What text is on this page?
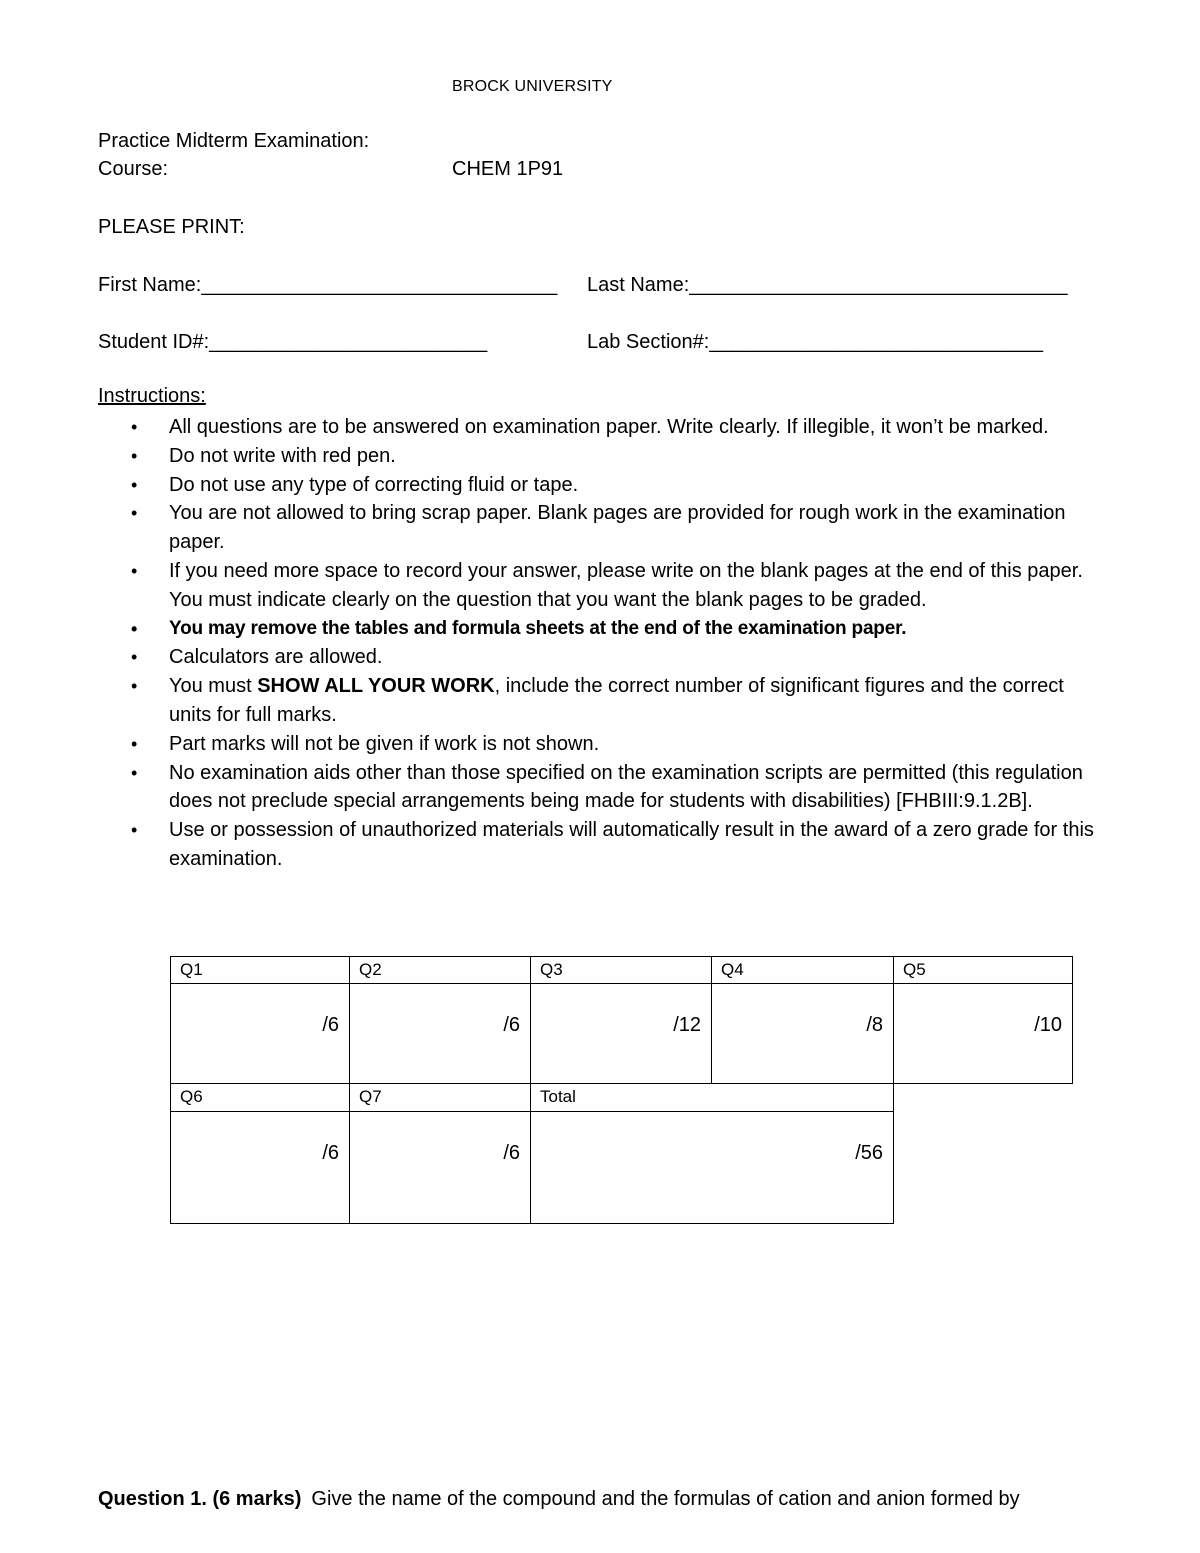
BROCK UNIVERSITY
Practice Midterm Examination:
Course:	CHEM 1P91
PLEASE PRINT:
First Name:________________________________ Last Name:__________________________________
Student ID#:_________________________	Lab Section#:______________________________
Instructions:
• All questions are to be answered on examination paper. Write clearly. If illegible, it won’t be marked.
• Do not write with red pen.
• Do not use any type of correcting fluid or tape.
• You are not allowed to bring scrap paper. Blank pages are provided for rough work in the examination paper.
• If you need more space to record your answer, please write on the blank pages at the end of this paper. You must indicate clearly on the question that you want the blank pages to be graded.
• You may remove the tables and formula sheets at the end of the examination paper.
• Calculators are allowed.
• You must SHOW ALL YOUR WORK, include the correct number of significant figures and the correct units for full marks.
• Part marks will not be given if work is not shown.
• No examination aids other than those specified on the examination scripts are permitted (this regulation does not preclude special arrangements being made for students with disabilities) [FHBIII:9.1.2B].
• Use or possession of unauthorized materials will automatically result in the award of a zero grade for this examination.
Q1	Q2	Q3	Q4	Q5
/6	/6	/12	/8	/10
Q6	Q7	Total
/6	/6	/56
Question 1. (6 marks) Give the name of the compound and the formulas of cation and anion formed by
